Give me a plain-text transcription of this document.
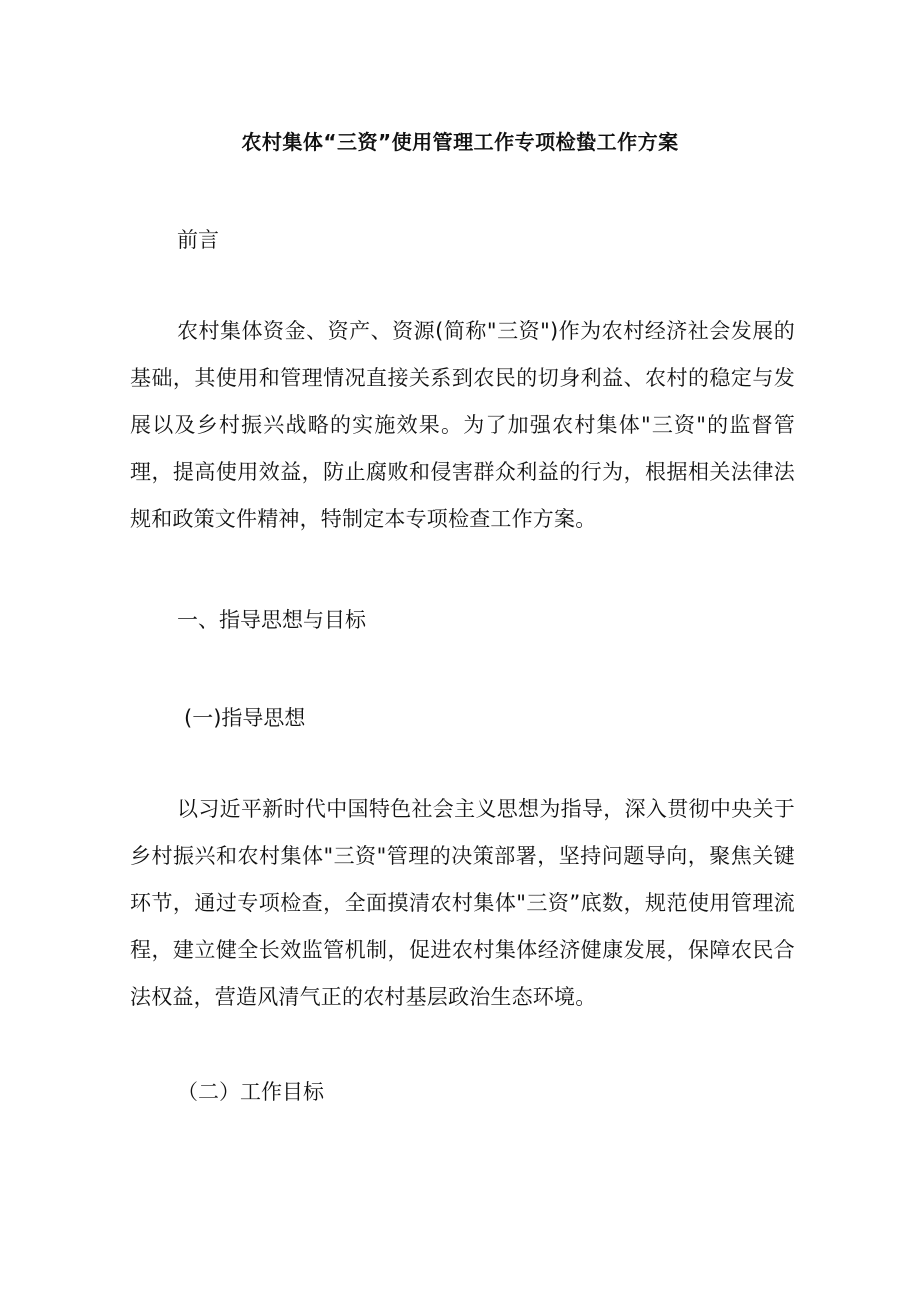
农村集体“三资”使用管理工作专项检蛰工作方案
前言

农村集体资金、资产、资源(简称"三资")作为农村经济社会发展的基础，其使用和管理情况直接关系到农民的切身利益、农村的稳定与发展以及乡村振兴战略的实施效果。为了加强农村集体"三资"的监督管理，提高使用效益，防止腐败和侵害群众利益的行为，根据相关法律法规和政策文件精神，特制定本专项检查工作方案。

一、指导思想与目标
(一)指导思想

以习近平新时代中国特色社会主义思想为指导，深入贯彻中央关于乡村振兴和农村集体"三资"管理的决策部署，坚持问题导向，聚焦关键环节，通过专项检查，全面摸清农村集体"三资”底数，规范使用管理流程，建立健全长效监管机制，促进农村集体经济健康发展，保障农民合法权益，营造风清气正的农村基层政治生态环境。

（二）工作目标
